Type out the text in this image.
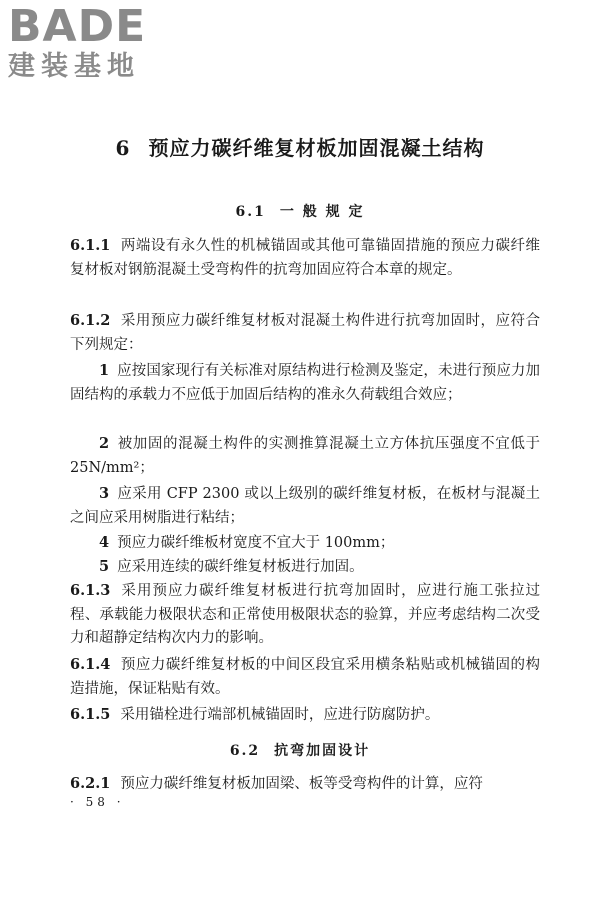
BADE
建装基地
6 预应力碳纤维复材板加固混凝土结构
6.1 一 般 规 定

6.1.1 两端设有永久性的机械锚固或其他可靠锚固措施的预应力碳纤维复材板对钢筋混凝土受弯构件的抗弯加固应符合本章的规定。

6.1.2 采用预应力碳纤维复材板对混凝土构件进行抗弯加固时，应符合下列规定：

1 应按国家现行有关标准对原结构进行检测及鉴定，未进行预应力加固结构的承载力不应低于加固后结构的准永久荷载组合效应；

2 被加固的混凝土构件的实测推算混凝土立方体抗压强度不宜低于 25N/mm²；

3 应采用 CFP 2300 或以上级别的碳纤维复材板，在板材与混凝土之间应采用树脂进行粘结；

4 预应力碳纤维板材宽度不宜大于 100mm；

5 应采用连续的碳纤维复材板进行加固。

6.1.3 采用预应力碳纤维复材板进行抗弯加固时，应进行施工张拉过程、承载能力极限状态和正常使用极限状态的验算，并应考虑结构二次受力和超静定结构次内力的影响。

6.1.4 预应力碳纤维复材板的中间区段宜采用横条粘贴或机械锚固的构造措施，保证粘贴有效。

6.1.5 采用锚栓进行端部机械锚固时，应进行防腐防护。

6.2 抗弯加固设计

6.2.1 预应力碳纤维复材板加固梁、板等受弯构件的计算，应符

· 58 ·
